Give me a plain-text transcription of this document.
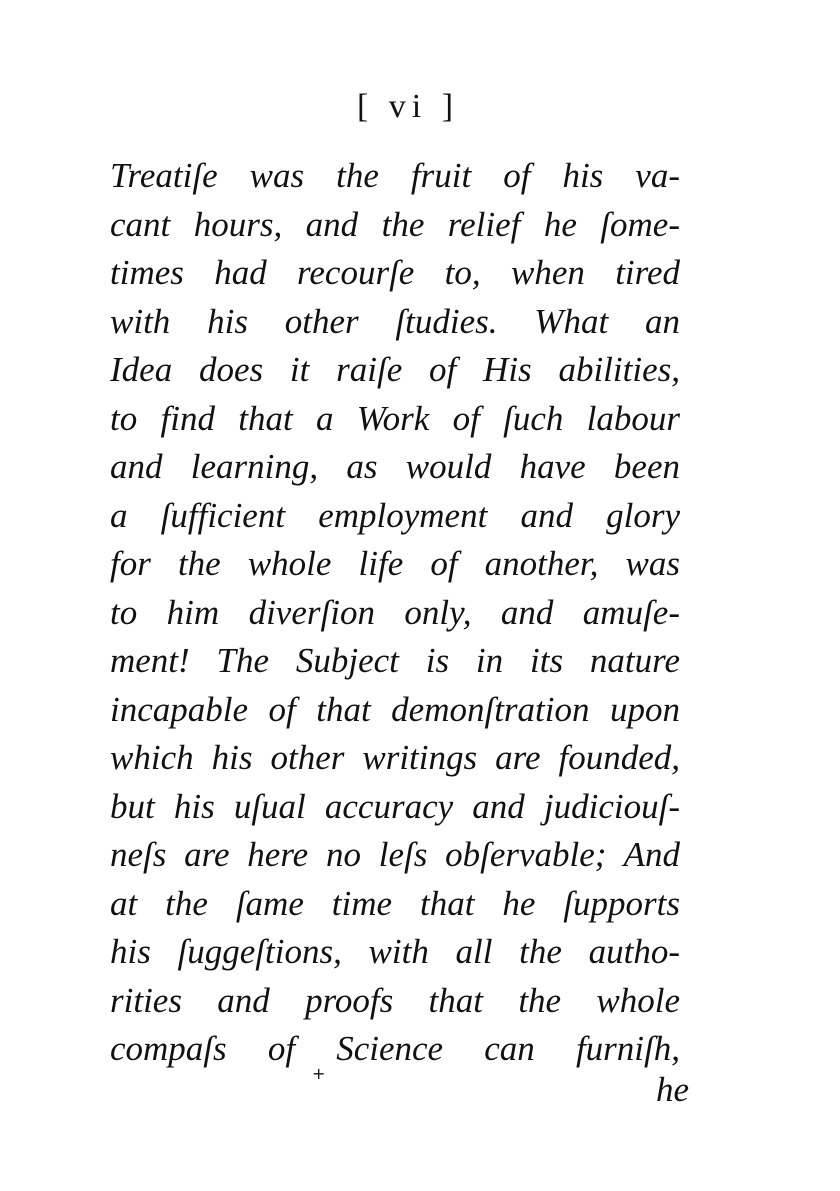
[ vi ]
Treatiſe was the fruit of his va-
cant hours, and the relief he ſome-
times had recourſe to, when tired
with his other ſtudies. What an
Idea does it raiſe of His abilities,
to find that a Work of ſuch labour
and learning, as would have been
a ſufficient employment and glory
for the whole life of another, was
to him diverſion only, and amuſe-
ment! The Subject is in its nature
incapable of that demonſtration upon
which his other writings are founded,
but his uſual accuracy and judiciouſ-
neſs are here no leſs obſervable; And
at the ſame time that he ſupports
his ſuggeſtions, with all the autho-
rities and proofs that the whole
compaſs of Science can furniſh,
+	he
